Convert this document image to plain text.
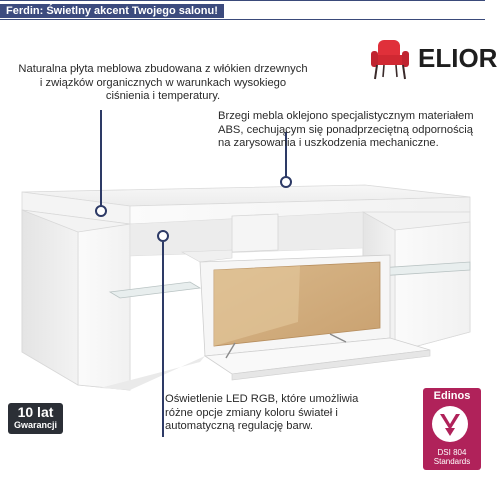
Ferdin: Świetlny akcent Twojego salonu!
ELIOR
Naturalna płyta meblowa zbudowana z włókien drzewnych i związków organicznych w warunkach wysokiego ciśnienia i temperatury.
Brzegi mebla oklejono specjalistycznym materiałem ABS, cechującym się ponadprzeciętną odpornością na zarysowania i uszkodzenia mechaniczne.
Oświetlenie LED RGB, które umożliwia różne opcje zmiany koloru świateł i automatyczną regulację barw.
10 lat
Gwarancji
Edinos
DSI 804
Standards
